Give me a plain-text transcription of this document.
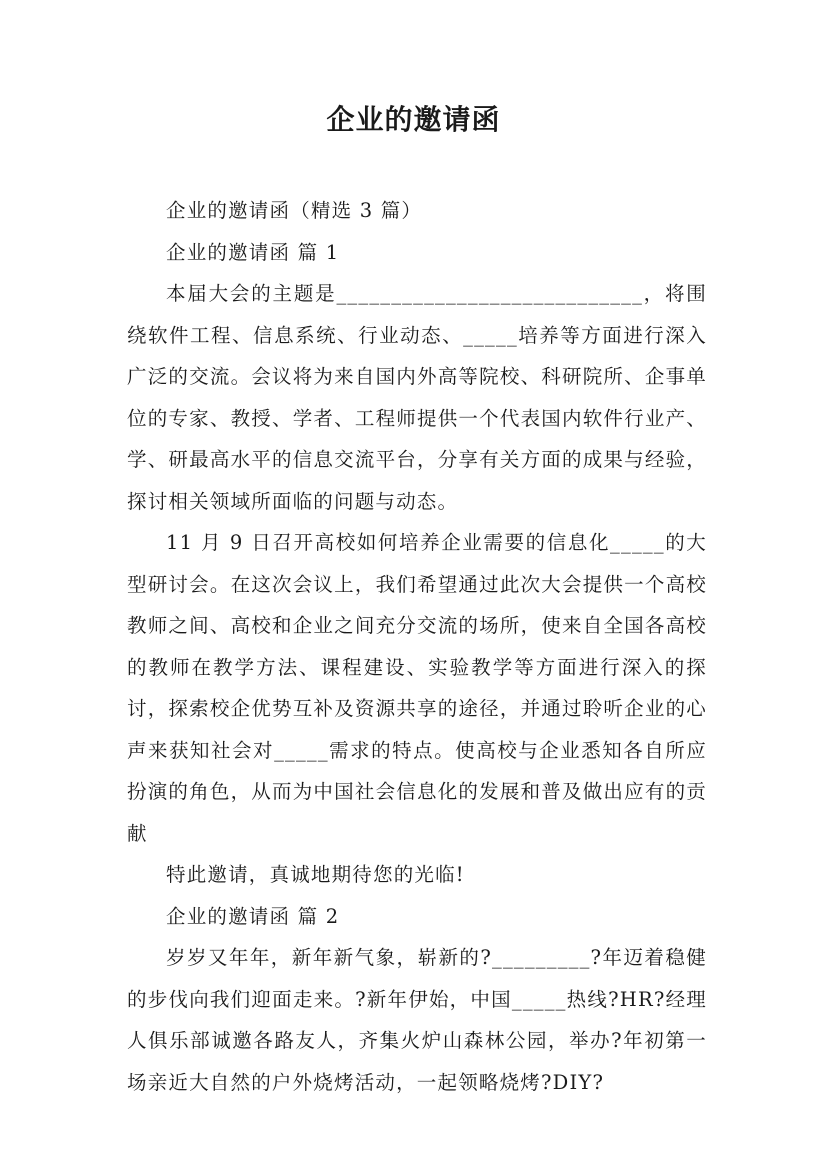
企业的邀请函

企业的邀请函（精选 3 篇）

企业的邀请函 篇 1

本届大会的主题是____________________________，将围绕软件工程、信息系统、行业动态、_____培养等方面进行深入广泛的交流。会议将为来自国内外高等院校、科研院所、企事单位的专家、教授、学者、工程师提供一个代表国内软件行业产、学、研最高水平的信息交流平台，分享有关方面的成果与经验，探讨相关领域所面临的问题与动态。

11 月 9 日召开高校如何培养企业需要的信息化_____的大型研讨会。在这次会议上，我们希望通过此次大会提供一个高校教师之间、高校和企业之间充分交流的场所，使来自全国各高校的教师在教学方法、课程建设、实验教学等方面进行深入的探讨，探索校企优势互补及资源共享的途径，并通过聆听企业的心声来获知社会对_____需求的特点。使高校与企业悉知各自所应扮演的角色，从而为中国社会信息化的发展和普及做出应有的贡献

特此邀请，真诚地期待您的光临!

企业的邀请函 篇 2

岁岁又年年，新年新气象，崭新的?_________?年迈着稳健的步伐向我们迎面走来。?新年伊始，中国_____热线?HR?经理人俱乐部诚邀各路友人，齐集火炉山森林公园，举办?年初第一场亲近大自然的户外烧烤活动，一起领略烧烤?DIY?
